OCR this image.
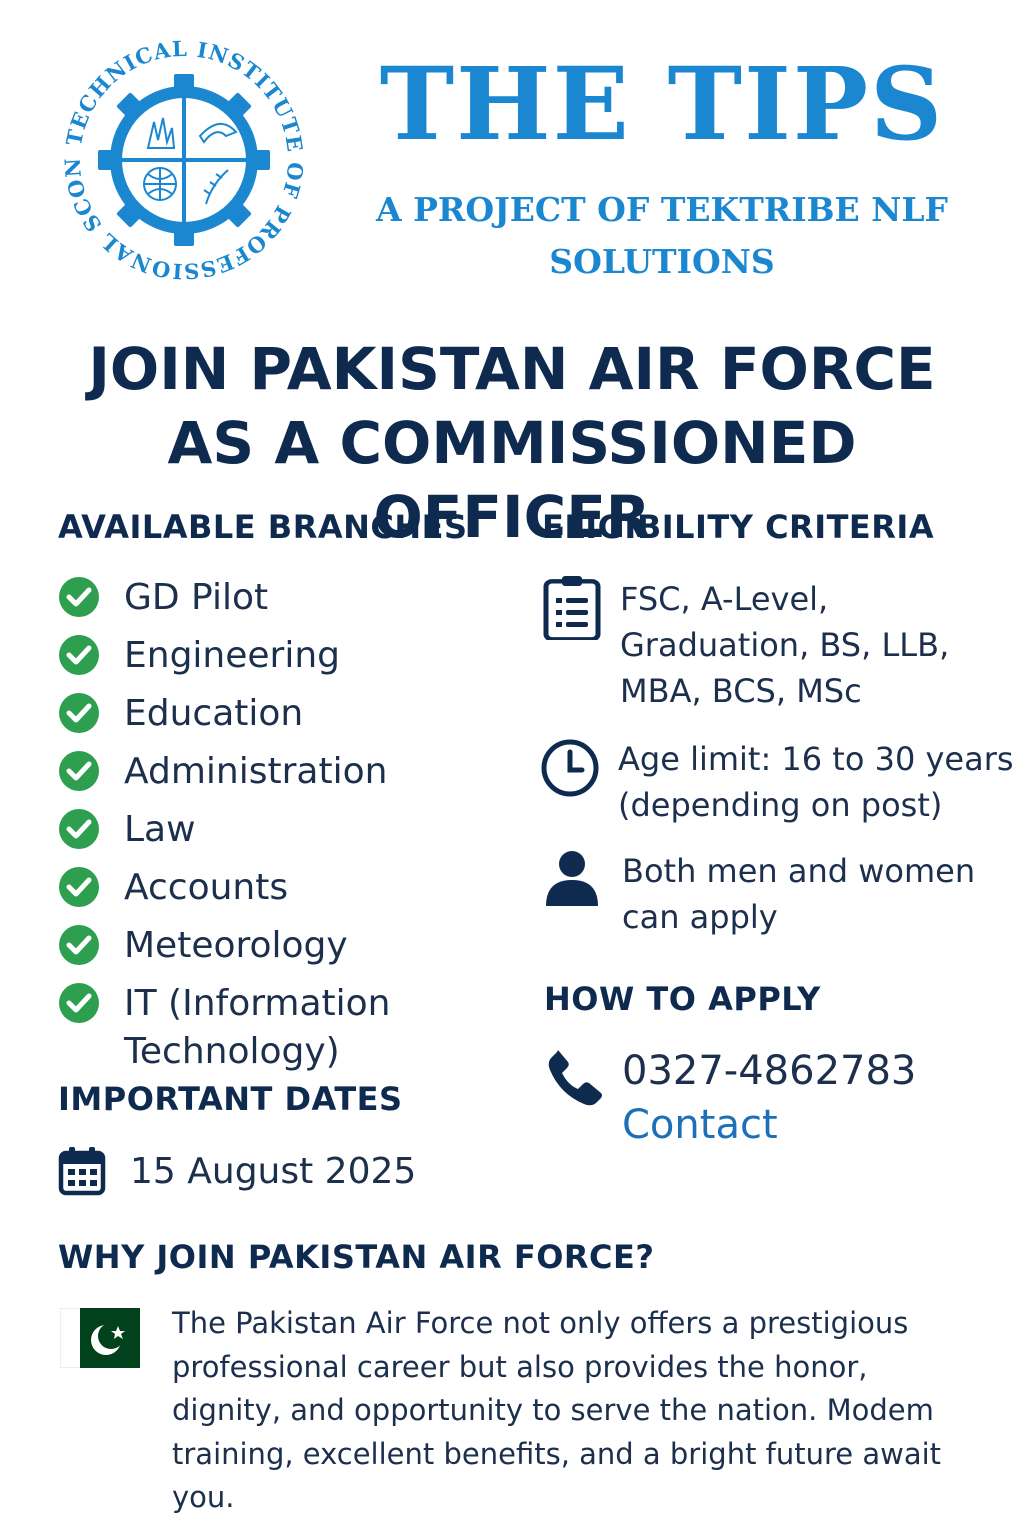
TECHNICAL INSTITUTE OF PROFESSIONAL SCON
THE TIPS
A PROJECT OF TEKTRIBE NLF
SOLUTIONS
JOIN PAKISTAN AIR FORCE
AS A COMMISSIONED OFFICER
AVAILABLE BRANCHES
GD Pilot
Engineering
Education
Administration
Law
Accounts
Meteorology
IT (Information Technology)
ELIGIBILITY CRITERIA
FSC, A-Level, Graduation, BS, LLB, MBA, BCS, MSc
Age limit: 16 to 30 years (depending on post)
Both men and women can apply
HOW TO APPLY
0327-4862783
Contact
IMPORTANT DATES
15 August 2025
WHY JOIN PAKISTAN AIR FORCE?
The Pakistan Air Force not only offers a prestigious professional career but also provides the honor, dignity, and opportunity to serve the nation. Modem training, excellent benefits, and a bright future await you.
